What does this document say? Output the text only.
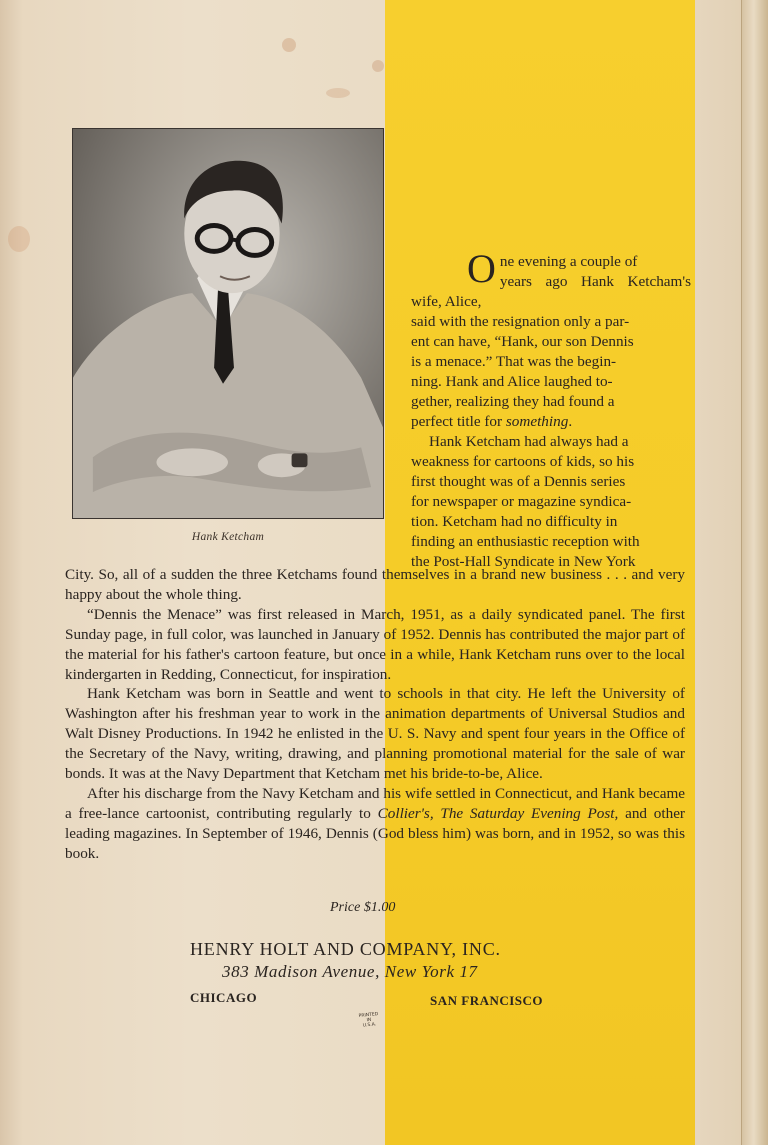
Hank Ketcham

One evening a couple of

years ago Hank Ketcham's wife, Alice,

said with the resignation only a par-

ent can have, “Hank, our son Dennis

is a menace.” That was the begin-

ning. Hank and Alice laughed to-

gether, realizing they had found a

perfect title for something.

Hank Ketcham had always had a

weakness for cartoons of kids, so his

first thought was of a Dennis series

for newspaper or magazine syndica-

tion. Ketcham had no difficulty in

finding an enthusiastic reception with

the Post-Hall Syndicate in New York

City. So, all of a sudden the three Ketchams found themselves in a brand new business . . . and very happy about the whole thing.

“Dennis the Menace” was first released in March, 1951, as a daily syndicated panel. The first Sunday page, in full color, was launched in January of 1952. Dennis has contributed the major part of the material for his father's cartoon feature, but once in a while, Hank Ketcham runs over to the local kindergarten in Redding, Connecticut, for inspiration.

Hank Ketcham was born in Seattle and went to schools in that city. He left the University of Washington after his freshman year to work in the animation departments of Universal Studios and Walt Disney Productions. In 1942 he enlisted in the U. S. Navy and spent four years in the Office of the Secretary of the Navy, writing, drawing, and planning promotional material for the sale of war bonds. It was at the Navy Department that Ketcham met his bride-to-be, Alice.

After his discharge from the Navy Ketcham and his wife settled in Connecticut, and Hank became a free-lance cartoonist, contributing regularly to Collier's, The Saturday Evening Post, and other leading magazines. In September of 1946, Dennis (God bless him) was born, and in 1952, so was this book.

Price $1.00
HENRY HOLT AND COMPANY, INC.
383 Madison Avenue, New York 17
CHICAGO	SAN FRANCISCO
PRINTED
IN
U.S.A.
